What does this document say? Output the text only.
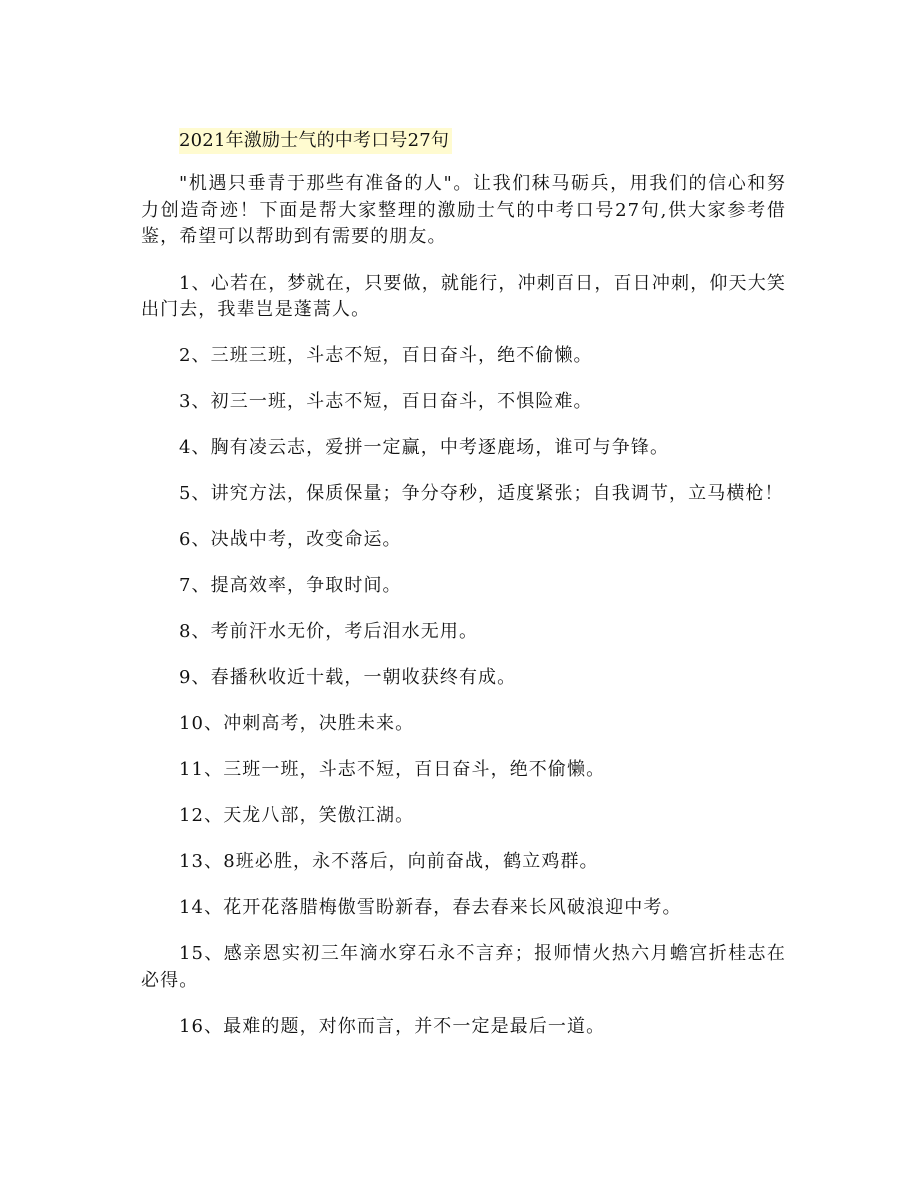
2021年激励士气的中考口号27句

"机遇只垂青于那些有准备的人"。让我们秣马砺兵，用我们的信心和努力创造奇迹！下面是帮大家整理的激励士气的中考口号27句,供大家参考借鉴，希望可以帮助到有需要的朋友。

1、心若在，梦就在，只要做，就能行，冲刺百日，百日冲刺，仰天大笑出门去，我辈岂是蓬蒿人。

2、三班三班，斗志不短，百日奋斗，绝不偷懒。

3、初三一班，斗志不短，百日奋斗，不惧险难。

4、胸有凌云志，爱拼一定赢，中考逐鹿场，谁可与争锋。

5、讲究方法，保质保量；争分夺秒，适度紧张；自我调节，立马横枪！

6、决战中考，改变命运。

7、提高效率，争取时间。

8、考前汗水无价，考后泪水无用。

9、春播秋收近十载，一朝收获终有成。

10、冲刺高考，决胜未来。

11、三班一班，斗志不短，百日奋斗，绝不偷懒。

12、天龙八部，笑傲江湖。

13、8班必胜，永不落后，向前奋战，鹤立鸡群。

14、花开花落腊梅傲雪盼新春，春去春来长风破浪迎中考。

15、感亲恩实初三年滴水穿石永不言弃；报师情火热六月蟾宫折桂志在必得。

16、最难的题，对你而言，并不一定是最后一道。
